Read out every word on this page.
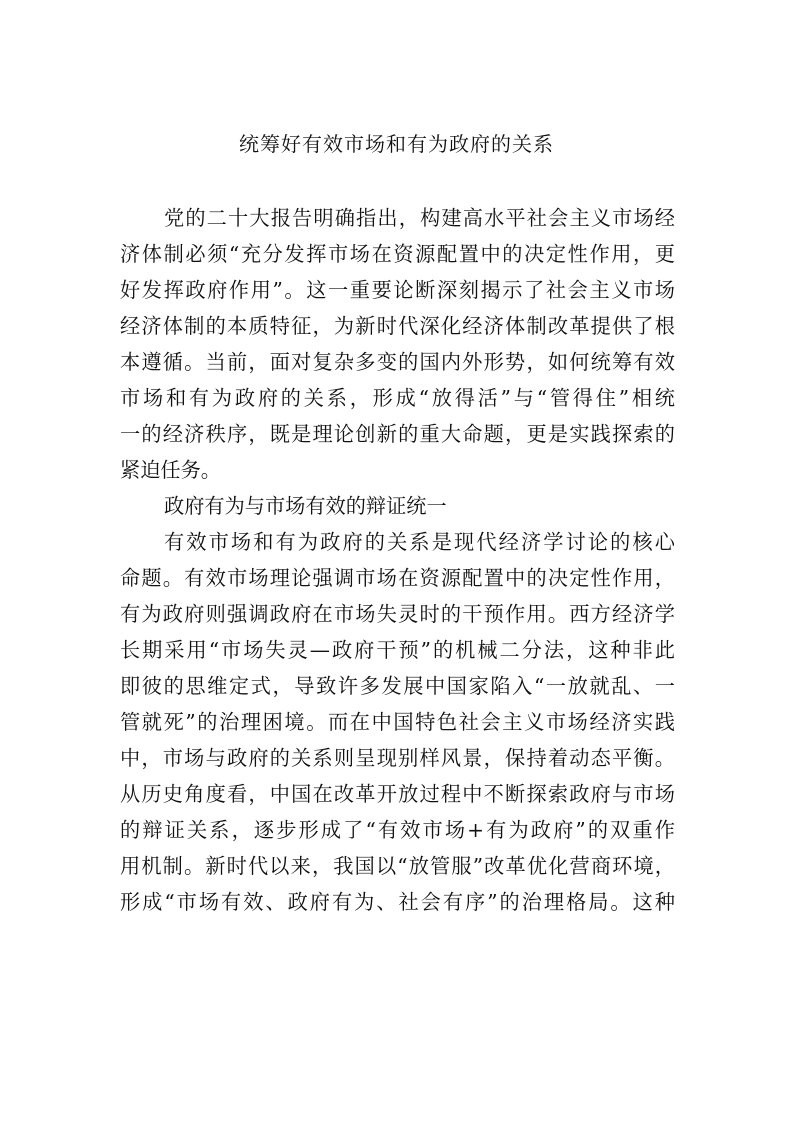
统筹好有效市场和有为政府的关系
党的二十大报告明确指出，构建高水平社会主义市场经
济体制必须“充分发挥市场在资源配置中的决定性作用，更
好发挥政府作用”。这一重要论断深刻揭示了社会主义市场
经济体制的本质特征，为新时代深化经济体制改革提供了根
本遵循。当前，面对复杂多变的国内外形势，如何统筹有效
市场和有为政府的关系，形成“放得活”与“管得住”相统
一的经济秩序，既是理论创新的重大命题，更是实践探索的
紧迫任务。
政府有为与市场有效的辩证统一
有效市场和有为政府的关系是现代经济学讨论的核心
命题。有效市场理论强调市场在资源配置中的决定性作用，
有为政府则强调政府在市场失灵时的干预作用。西方经济学
长期采用“市场失灵—政府干预”的机械二分法，这种非此
即彼的思维定式，导致许多发展中国家陷入“一放就乱、一
管就死”的治理困境。而在中国特色社会主义市场经济实践
中，市场与政府的关系则呈现别样风景，保持着动态平衡。
从历史角度看，中国在改革开放过程中不断探索政府与市场
的辩证关系，逐步形成了“有效市场+有为政府”的双重作
用机制。新时代以来，我国以“放管服”改革优化营商环境，
形成“市场有效、政府有为、社会有序”的治理格局。这种
